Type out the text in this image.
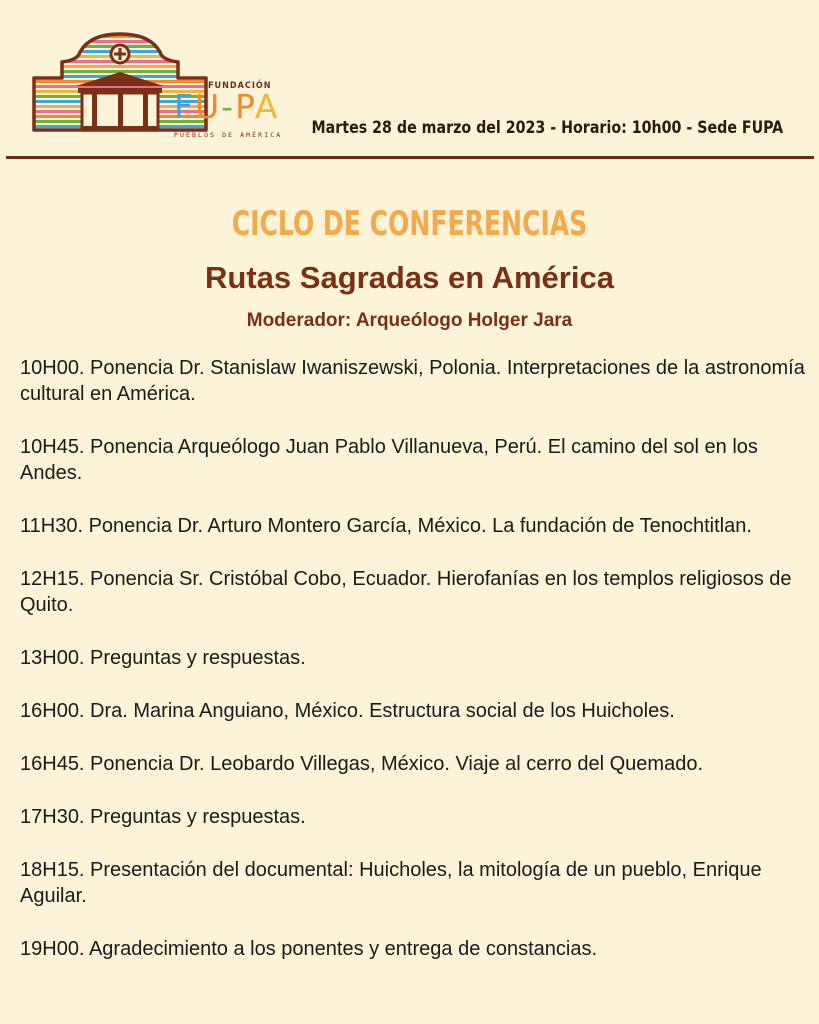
FUNDACIÓN
FU-PA
PUEBLOS DE AMÉRICA Martes 28 de marzo del 2023 - Horario: 10h00 - Sede FUPA
CICLO DE CONFERENCIAS
Rutas Sagradas en América
Moderador: Arqueólogo Holger Jara
10H00. Ponencia Dr. Stanislaw Iwaniszewski, Polonia. Interpretaciones de la astronomía cultural en América.
10H45. Ponencia Arqueólogo Juan Pablo Villanueva, Perú. El camino del sol en los Andes.
11H30. Ponencia Dr. Arturo Montero García, México. La fundación de Tenochtitlan.
12H15. Ponencia Sr. Cristóbal Cobo, Ecuador. Hierofanías en los templos religiosos de Quito.
13H00. Preguntas y respuestas.
16H00. Dra. Marina Anguiano, México. Estructura social de los Huicholes.
16H45. Ponencia Dr. Leobardo Villegas, México. Viaje al cerro del Quemado.
17H30. Preguntas y respuestas.
18H15. Presentación del documental: Huicholes, la mitología de un pueblo, Enrique Aguilar.
19H00. Agradecimiento a los ponentes y entrega de constancias.
